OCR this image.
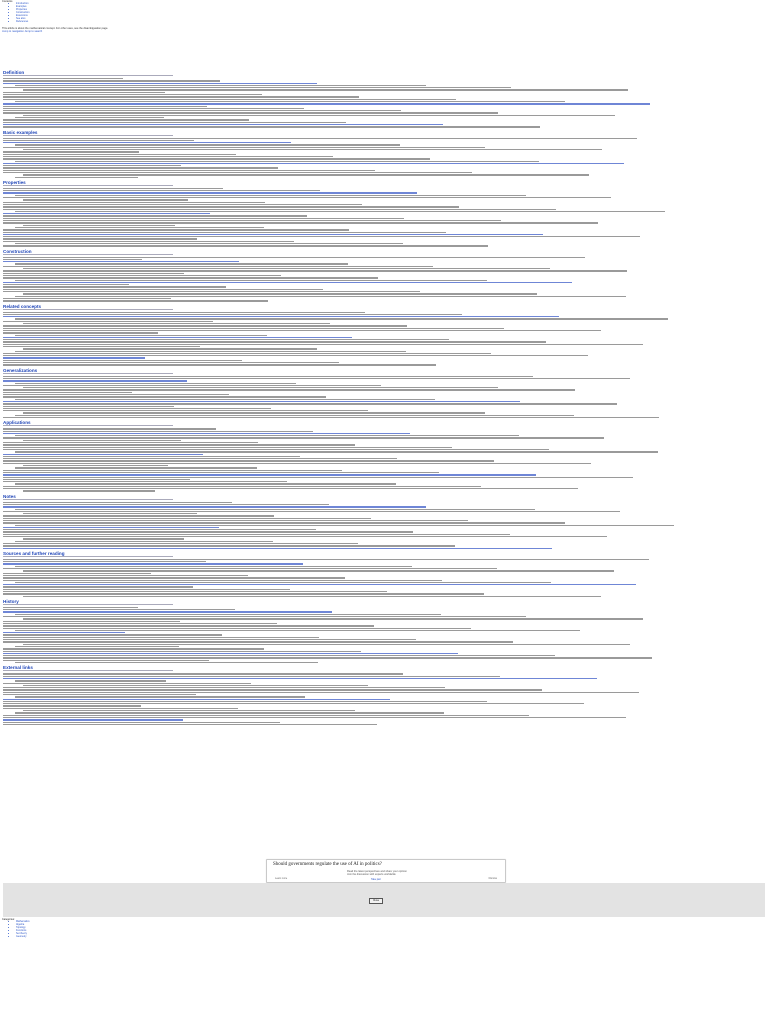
Contents
• Introduction
• Examples
• Properties
• Construction
• Extensions
• See also
• References
This article is about the mathematical concept. For other uses, see the disambiguation page.
Jump to navigation Jump to search
Definition
Basic examples
Properties
Construction
Related concepts
Generalizations
Applications
Notes
Sources and further reading
History
External links
Should governments regulate the use of AI in politics?
Read the latest perspectives and share your opinion
Join the discussion with experts worldwide
Learn more	Take part	Dismiss
Close
Categories:
• Mathematics
• Algebra
• Topology
• Functions
• Set theory
• Geometry
